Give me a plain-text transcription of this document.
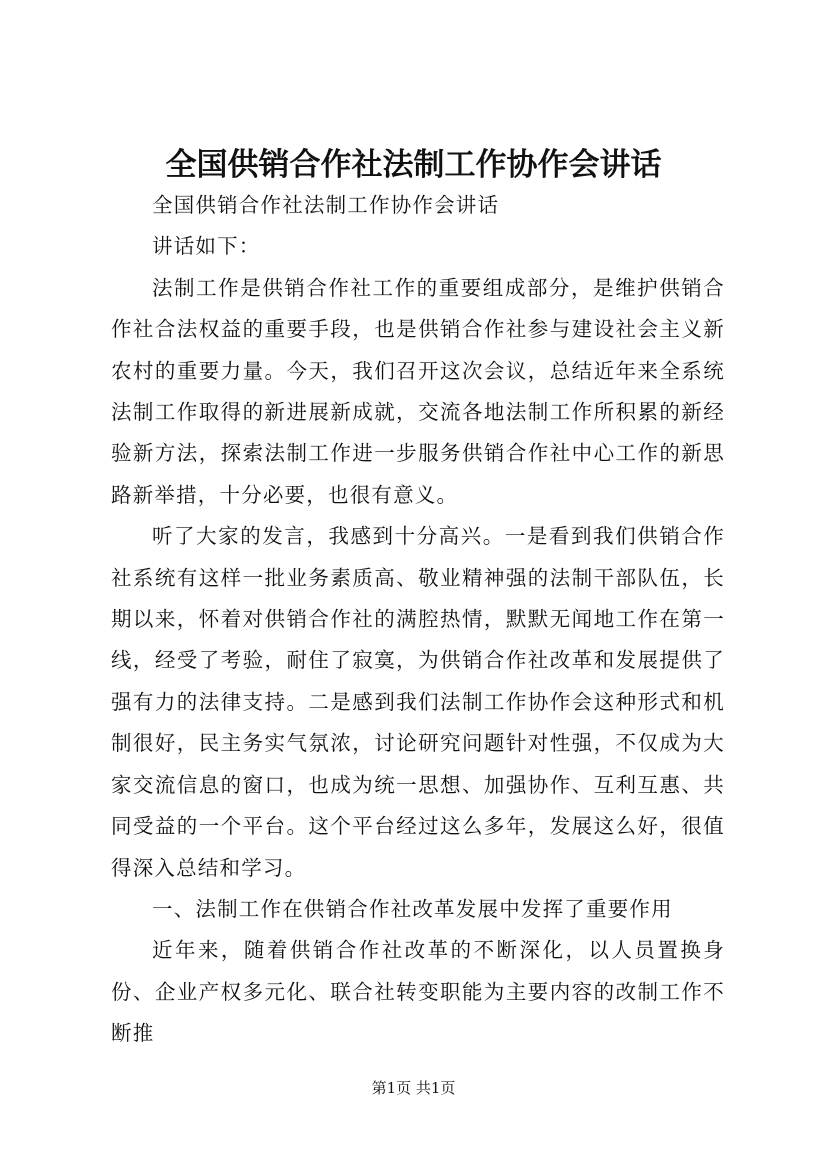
全国供销合作社法制工作协作会讲话

全国供销合作社法制工作协作会讲话

讲话如下：

法制工作是供销合作社工作的重要组成部分，是维护供销合作社合法权益的重要手段，也是供销合作社参与建设社会主义新农村的重要力量。今天，我们召开这次会议，总结近年来全系统法制工作取得的新进展新成就，交流各地法制工作所积累的新经验新方法，探索法制工作进一步服务供销合作社中心工作的新思路新举措，十分必要，也很有意义。

听了大家的发言，我感到十分高兴。一是看到我们供销合作社系统有这样一批业务素质高、敬业精神强的法制干部队伍，长期以来，怀着对供销合作社的满腔热情，默默无闻地工作在第一线，经受了考验，耐住了寂寞，为供销合作社改革和发展提供了强有力的法律支持。二是感到我们法制工作协作会这种形式和机制很好，民主务实气氛浓，讨论研究问题针对性强，不仅成为大家交流信息的窗口，也成为统一思想、加强协作、互利互惠、共同受益的一个平台。这个平台经过这么多年，发展这么好，很值得深入总结和学习。

一、法制工作在供销合作社改革发展中发挥了重要作用

近年来，随着供销合作社改革的不断深化，以人员置换身份、企业产权多元化、联合社转变职能为主要内容的改制工作不断推

第1页 共1页
